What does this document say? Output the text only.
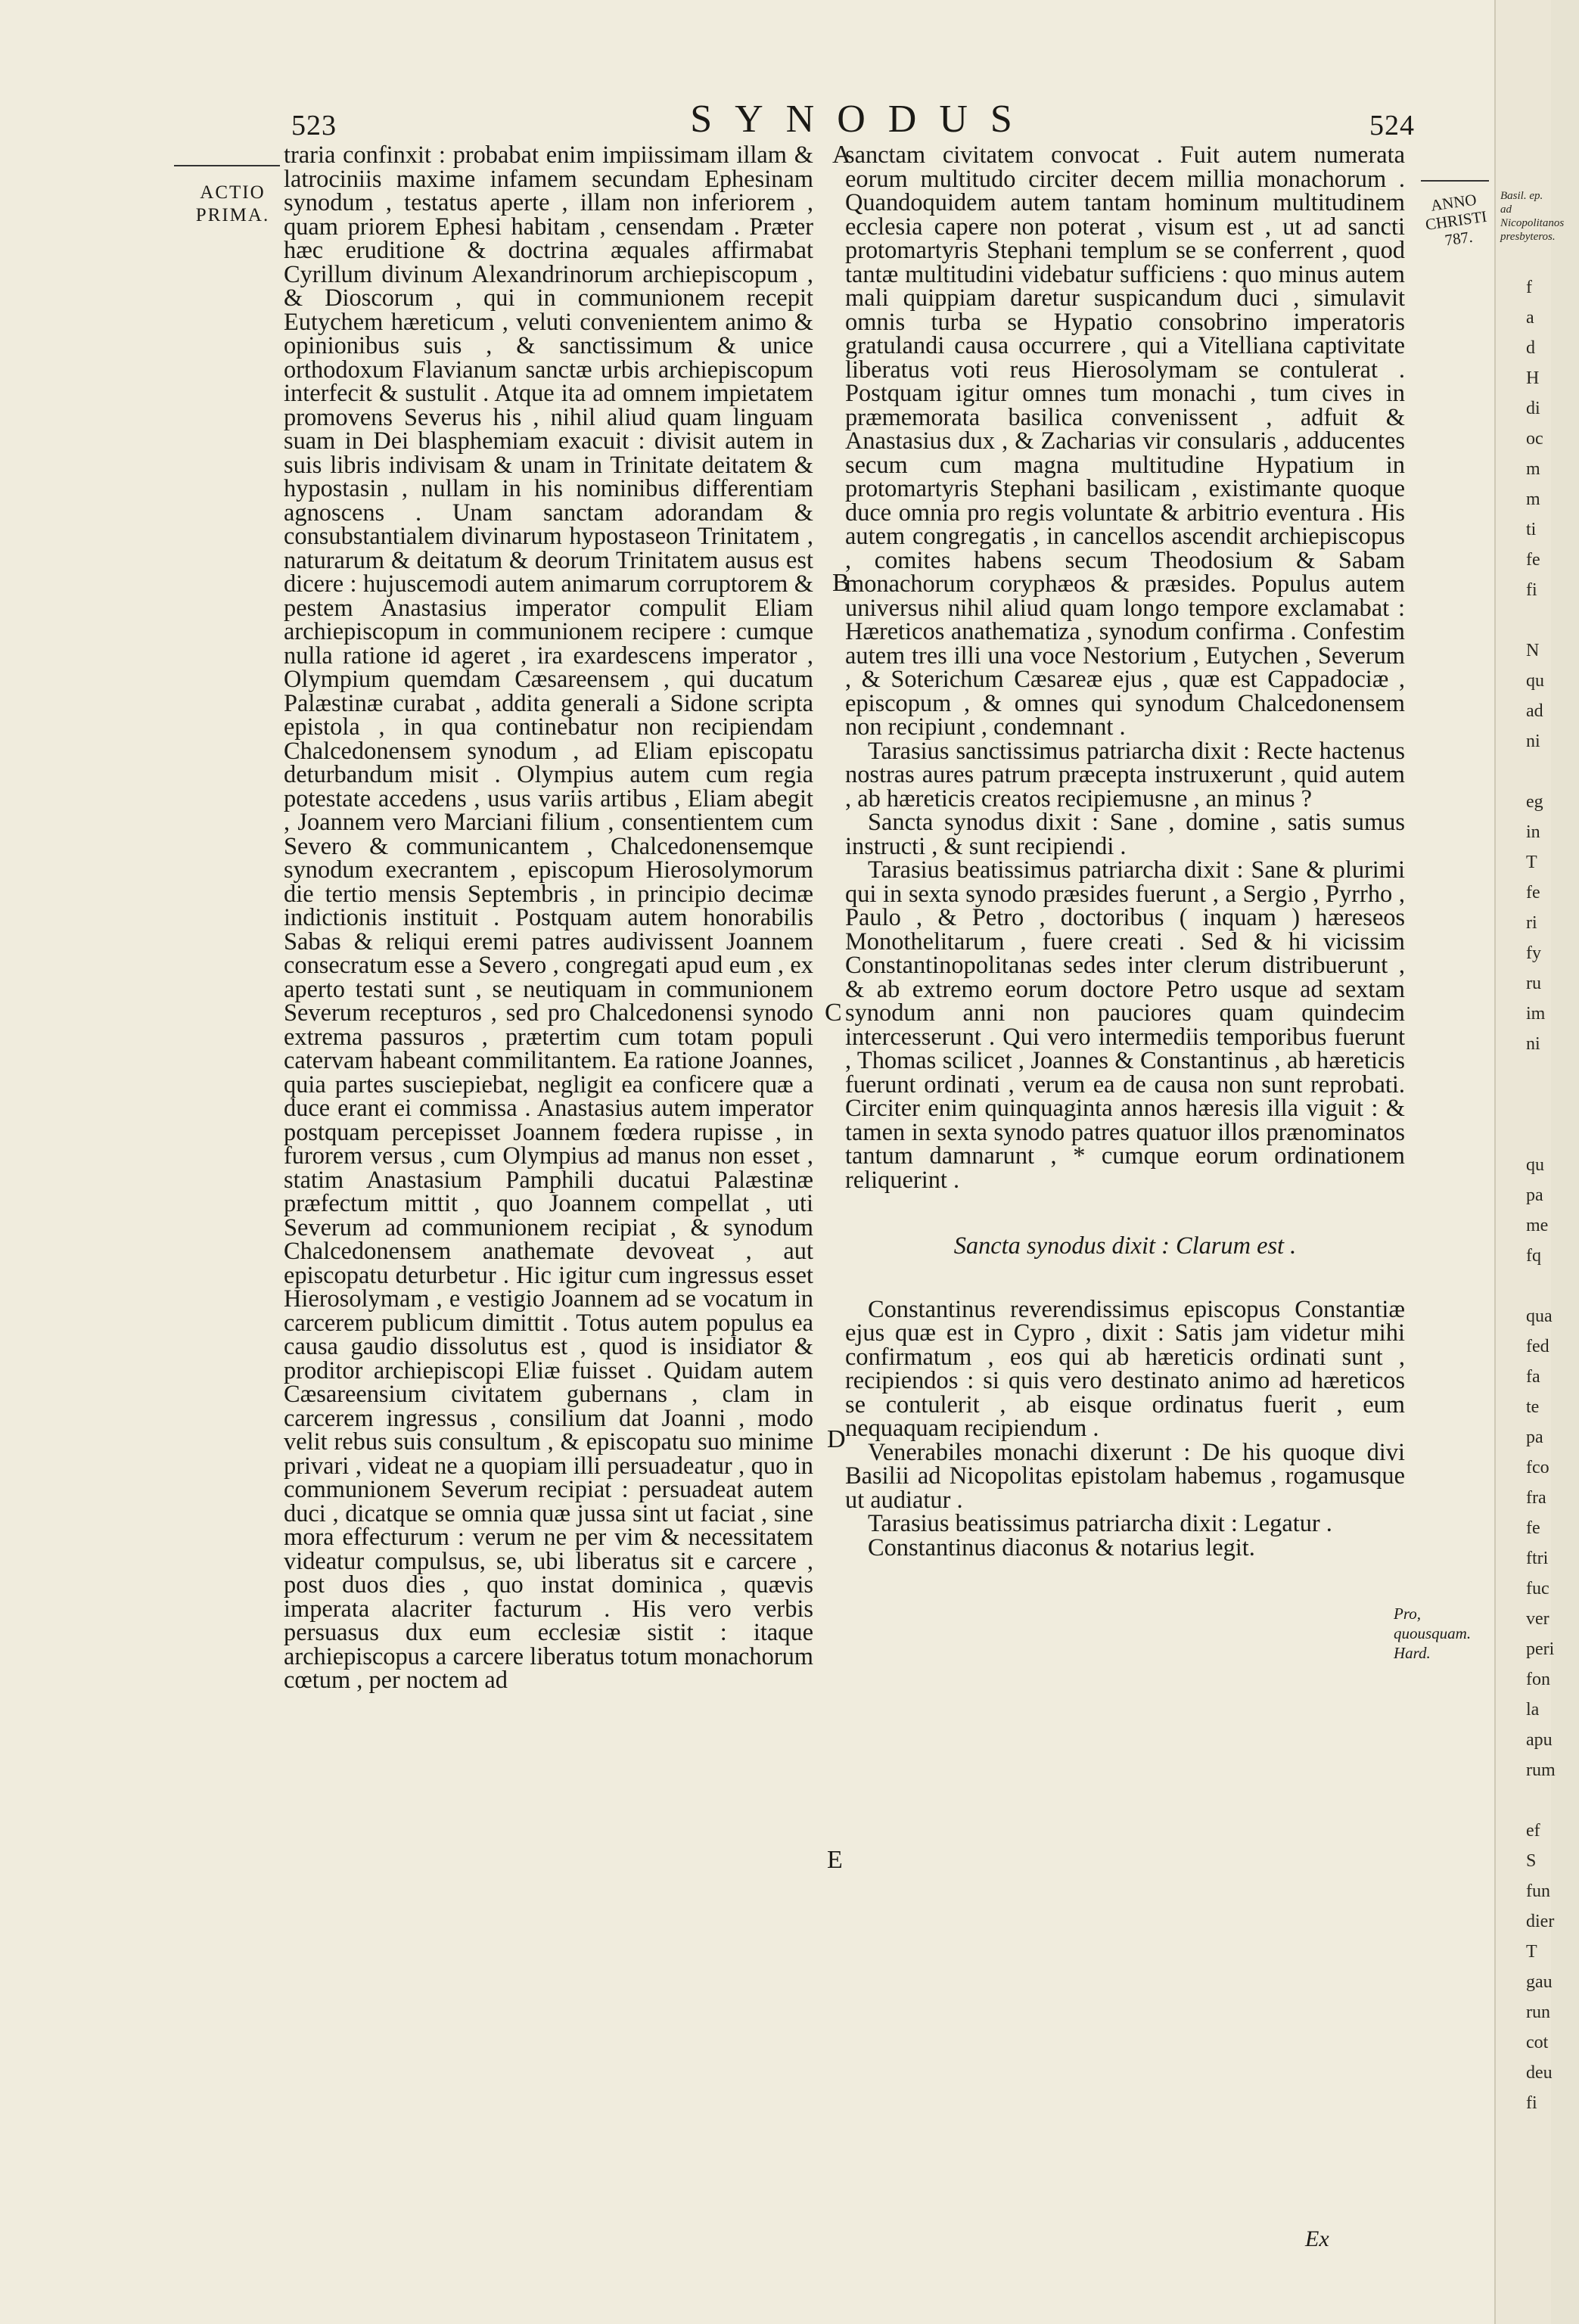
523	SYNODUS	524
ACTIO PRIMA.
ANNO CHRISTI 787.

traria confinxit : probabat enim impiissimam illam & latrociniis maxime infamem secundam Ephesinam synodum , testatus aperte , illam non inferiorem , quam priorem Ephesi habitam , censendam . Præter hæc eruditione & doctrina æquales affirmabat Cyrillum divinum Alexandrinorum archiepiscopum , & Dioscorum , qui in communionem recepit Eutychem hæreticum , veluti convenientem animo & opinionibus suis , & sanctissimum & unice orthodoxum Flavianum sanctæ urbis archiepiscopum interfecit & sustulit . Atque ita ad omnem impietatem promovens Severus his , nihil aliud quam linguam suam in Dei blasphemiam exacuit : divisit autem in suis libris indivisam & unam in Trinitate deitatem & hypostasin , nullam in his nominibus differentiam agnoscens . Unam sanctam adorandam & consubstantialem divinarum hypostaseon Trinitatem , naturarum & deitatum & deorum Trinitatem ausus est dicere : hujuscemodi autem animarum corruptorem & pestem Anastasius imperator compulit Eliam archiepiscopum in communionem recipere : cumque nulla ratione id ageret , ira exardescens imperator , Olympium quemdam Cæsareensem , qui ducatum Palæstinæ curabat , addita generali a Sidone scripta epistola , in qua continebatur non recipiendam Chalcedonensem synodum , ad Eliam episcopatu deturbandum misit . Olympius autem cum regia potestate accedens , usus variis artibus , Eliam abegit , Joannem vero Marciani filium , consentientem cum Severo & communicantem , Chalcedonensemque synodum execrantem , episcopum Hierosolymorum die tertio mensis Septembris , in principio decimæ indictionis instituit . Postquam autem honorabilis Sabas & reliqui eremi patres audivissent Joannem consecratum esse a Severo , congregati apud eum , ex aperto testati sunt , se neutiquam in communionem Severum recepturos , sed pro Chalcedonensi synodo extrema passuros , prætertim cum totam populi catervam habeant commilitantem. Ea ratione Joannes, quia partes susciepiebat, negligit ea conficere quæ a duce erant ei commissa . Anastasius autem imperator postquam percepisset Joannem fœdera rupisse , in furorem versus , cum Olympius ad manus non esset , statim Anastasium Pamphili ducatui Palæstinæ præfectum mittit , quo Joannem compellat , uti Severum ad communionem recipiat , & synodum Chalcedonensem anathemate devoveat , aut episcopatu deturbetur . Hic igitur cum ingressus esset Hierosolymam , e vestigio Joannem ad se vocatum in carcerem publicum dimittit . Totus autem populus ea causa gaudio dissolutus est , quod is insidiator & proditor archiepiscopi Eliæ fuisset . Quidam autem Cæsareensium civitatem gubernans , clam in carcerem ingressus , consilium dat Joanni , modo velit rebus suis consultum , & episcopatu suo minime privari , videat ne a quopiam illi persuadeatur , quo in communionem Severum recipiat : persuadeat autem duci , dicatque se omnia quæ jussa sint ut faciat , sine mora effecturum : verum ne per vim & necessitatem videatur compulsus, se, ubi liberatus sit e carcere , post duos dies , quo instat dominica , quævis imperata alacriter facturum . His vero verbis persuasus dux eum ecclesiæ sistit : itaque archiepiscopus a carcere liberatus totum monachorum cœtum , per noctem ad

sanctam civitatem convocat . Fuit autem numerata eorum multitudo circiter decem millia monachorum . Quandoquidem autem tantam hominum multitudinem ecclesia capere non poterat , visum est , ut ad sancti protomartyris Stephani templum se se conferrent , quod tantæ multitudini videbatur sufficiens : quo minus autem mali quippiam daretur suspicandum duci , simulavit omnis turba se Hypatio consobrino imperatoris gratulandi causa occurrere , qui a Vitelliana captivitate liberatus voti reus Hierosolymam se contulerat . Postquam igitur omnes tum monachi , tum cives in præmemorata basilica convenissent , adfuit & Anastasius dux , & Zacharias vir consularis , adducentes secum cum magna multitudine Hypatium in protomartyris Stephani basilicam , existimante quoque duce omnia pro regis voluntate & arbitrio eventura . His autem congregatis , in cancellos ascendit archiepiscopus , comites habens secum Theodosium & Sabam monachorum coryphæos & præsides. Populus autem universus nihil aliud quam longo tempore exclamabat : Hæreticos anathematiza , synodum confirma . Confestim autem tres illi una voce Nestorium , Eutychen , Severum , & Soterichum Cæsareæ ejus , quæ est Cappadociæ , episcopum , & omnes qui synodum Chalcedonensem non recipiunt , condemnant .

Tarasius sanctissimus patriarcha dixit : Recte hactenus nostras aures patrum præcepta instruxerunt , quid autem , ab hæreticis creatos recipiemusne , an minus ?

Sancta synodus dixit : Sane , domine , satis sumus instructi , & sunt recipiendi .

Tarasius beatissimus patriarcha dixit : Sane & plurimi qui in sexta synodo præsides fuerunt , a Sergio , Pyrrho , Paulo , & Petro , doctoribus ( inquam ) hæreseos Monothelitarum , fuere creati . Sed & hi vicissim Constantinopolitanas sedes inter clerum distribuerunt , & ab extremo eorum doctore Petro usque ad sextam synodum anni non pauciores quam quindecim intercesserunt . Qui vero intermediis temporibus fuerunt , Thomas scilicet , Joannes & Constantinus , ab hæreticis fuerunt ordinati , verum ea de causa non sunt reprobati. Circiter enim quinquaginta annos hæresis illa viguit : & tamen in sexta synodo patres quatuor illos prænominatos tantum damnarunt , * cumque eorum ordinationem reliquerint .

Sancta synodus dixit : Clarum est .

Constantinus reverendissimus episcopus Constantiæ ejus quæ est in Cypro , dixit : Satis jam videtur mihi confirmatum , eos qui ab hæreticis ordinati sunt , recipiendos : si quis vero destinato animo ad hæreticos se contulerit , ab eisque ordinatus fuerit , eum nequaquam recipiendum .

Venerabiles monachi dixerunt : De his quoque divi Basilii ad Nicopolitas epistolam habemus , rogamusque ut audiatur .

Tarasius beatissimus patriarcha dixit : Legatur .

Constantinus diaconus & notarius legit.

A
B
C
D
E
Pro, quousquam. Hard.
Ex
Basil. ep. ad Nicopolitanos presbyteros.
f
a
d
H
di
oc
m
m
ti
fe
fi

N
qu
ad
ni

eg
in
T
fe
ri
fy
ru
im
ni

qu
pa
me
fq

qua
fed
fa
te
pa
fco
fra
fe
ftri
fuc
ver
peri
fon
la
apu
rum

ef
S
fun
dier
T
gau
run
cot
deu
fi
